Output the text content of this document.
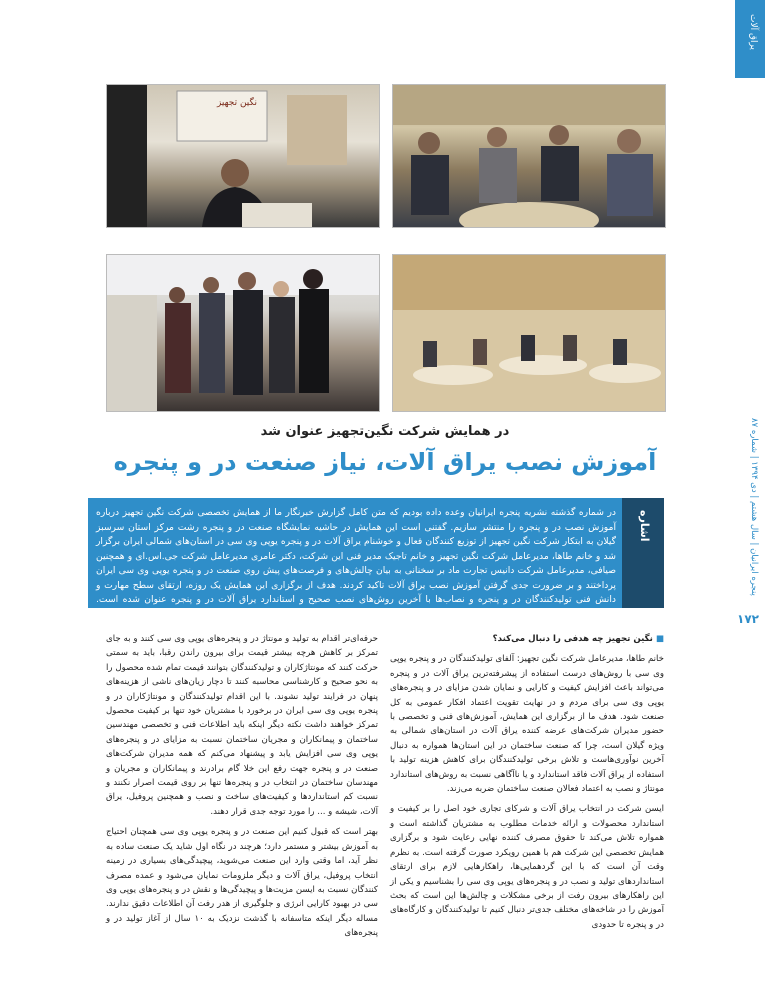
یراق آلات
پنجره ایرانیان | سال هشتم | دی ۱۳۹۴ | شماره ۸۷
۱۷۲
نگین تجهیز
در همایش شرکت نگین‌تجهیز عنوان شد
آموزش نصب یراق آلات، نیاز صنعت در و پنجره
در شماره گذشته نشریه پنجره ایرانیان وعده داده بودیم که متن کامل گزارش خبرنگار ما از همایش تخصصی شرکت نگین تجهیز درباره آموزش نصب در و پنجره را منتشر سازیم. گفتنی است این همایش در حاشیه نمایشگاه صنعت در و پنجره رشت مرکز استان سرسبز گیلان به ابتکار شرکت نگین تجهیز از توزیع کنندگان فعال و خوشنام یراق آلات در و پنجره یوپی وی سی در استان‌های شمالی ایران برگزار شد و خانم طاها، مدیرعامل شرکت نگین تجهیز و خانم تاجیک مدیر فنی این شرکت، دکتر عامری مدیرعامل شرکت جی.اس.ای و همچنین صیافی، مدیرعامل شرکت دانیس تجارت ماد بر سخنانی به بیان چالش‌های و فرصت‌های پیش روی صنعت در و پنجره یوپی وی سی ایران پرداختند و بر ضرورت جدی گرفتن آموزش نصب یراق آلات تاکید کردند. هدف از برگزاری این همایش یک روزه، ارتقای سطح مهارت و دانش فنی تولیدکنندگان در و پنجره و نصاب‌ها با آخرین روش‌های نصب صحیح و استاندارد یراق آلات در و پنجره عنوان شده است. گفته‌های سخنرانان این همایش را پی‌بخوانید.
اشاره

■ نگین تجهیز چه هدفی را دنبال می‌کند؟

خانم طاها، مدیرعامل شرکت نگین تجهیز: آلفای تولیدکنندگان در و پنجره یوپی وی سی با روش‌های درست استفاده از پیشرفته‌ترین یراق آلات در و پنجره می‌تواند باعث افزایش کیفیت و کارایی و نمایان شدن مزایای در و پنجره‌های یوپی وی سی برای مردم و در نهایت تقویت اعتماد افکار عمومی به کل صنعت شود. هدف ما از برگزاری این همایش، آموزش‌های فنی و تخصصی با حضور مدیران شرکت‌های عرضه کننده یراق آلات در استان‌های شمالی به ویژه گیلان است، چرا که صنعت ساختمان در این استان‌ها همواره به دنبال آخرین نوآوری‌هاست و تلاش برخی تولیدکنندگان برای کاهش هزینه تولید با استفاده از یراق آلات فاقد استاندارد و یا ناآگاهی نسبت به روش‌های استاندارد مونتاژ و نصب به اعتماد فعالان صنعت ساختمان ضربه می‌زند.

ایسن شرکت در انتخاب یراق آلات و شرکای تجاری خود اصل را بر کیفیت و استاندارد محصولات و ارائه خدمات مطلوب به مشتریان گذاشته است و همواره تلاش می‌کند تا حقوق مصرف کننده نهایی رعایت شود و برگزاری همایش تخصصی این شرکت هم با همین رویکرد صورت گرفته است. به نظرم وقت آن است که با این گردهمایی‌ها، راهکارهایی لازم برای ارتقای استانداردهای تولید و نصب در و پنجره‌های یوپی وی سی را بشناسیم و یکی از این راهکارهای بیرون رفت از برخی مشکلات و چالش‌ها این است که بحث آموزش را در شاخه‌های مختلف جدی‌تر دنبال کنیم تا تولیدکنندگان و کارگاه‌های در و پنجره تا حدودی

حرفه‌ای‌تر اقدام به تولید و مونتاژ در و پنجره‌های یوپی وی سی کنند و به جای تمرکز بر کاهش هرچه بیشتر قیمت برای بیرون راندن رقبا، باید به سمتی حرکت کنند که مونتاژکاران و تولیدکنندگان بتوانند قیمت تمام شده محصول را به نحو صحیح و کارشناسی محاسبه کنند تا دچار زیان‌های ناشی از هزینه‌های پنهان در فرایند تولید نشوند. با این اقدام تولیدکنندگان و مونتاژکاران در و پنجره یوپی وی سی ایران در برخورد با مشتریان خود تنها بر کیفیت محصول تمرکز خواهند داشت نکته دیگر اینکه باید اطلاعات فنی و تخصصی مهندسین ساختمان و پیمانکاران و مجریان ساختمان نسبت به مزایای در و پنجره‌های یوپی وی سی افزایش یابد و پیشنهاد می‌کنم که همه مدیران شرکت‌های صنعت در و پنجره جهت رفع این خلا گام برادرند و پیمانکاران و مجریان و مهندسان ساختمان در انتخاب در و پنجره‌ها تنها بر روی قیمت اصرار نکنند و نسبت کم استانداردها و کیفیت‌های ساخت و نصب و همچنین پروفیل، یراق آلات، شیشه و ... را مورد توجه جدی قرار دهند.

بهتر است که قبول کنیم این صنعت در و پنجره یوپی وی سی همچنان احتیاج به آموزش بیشتر و مستمر دارد؛ هرچند در نگاه اول شاید یک صنعت ساده به نظر آید، اما وقتی وارد این صنعت می‌شوید، پیچیدگی‌های بسیاری در زمینه انتخاب پروفیل، یراق آلات و دیگر ملزومات نمایان می‌شود و عمده مصرف کنندگان نسبت به ایسن مزیت‌ها و پیچیدگی‌ها و نقش در و پنجره‌های یوپی وی سی در بهبود کارایی انرژی و جلوگیری از هدر رفت آن اطلاعات دقیق ندارند. مساله دیگر اینکه متاسفانه با گذشت نزدیک به ۱۰ سال از آغاز تولید در و پنجره‌های
